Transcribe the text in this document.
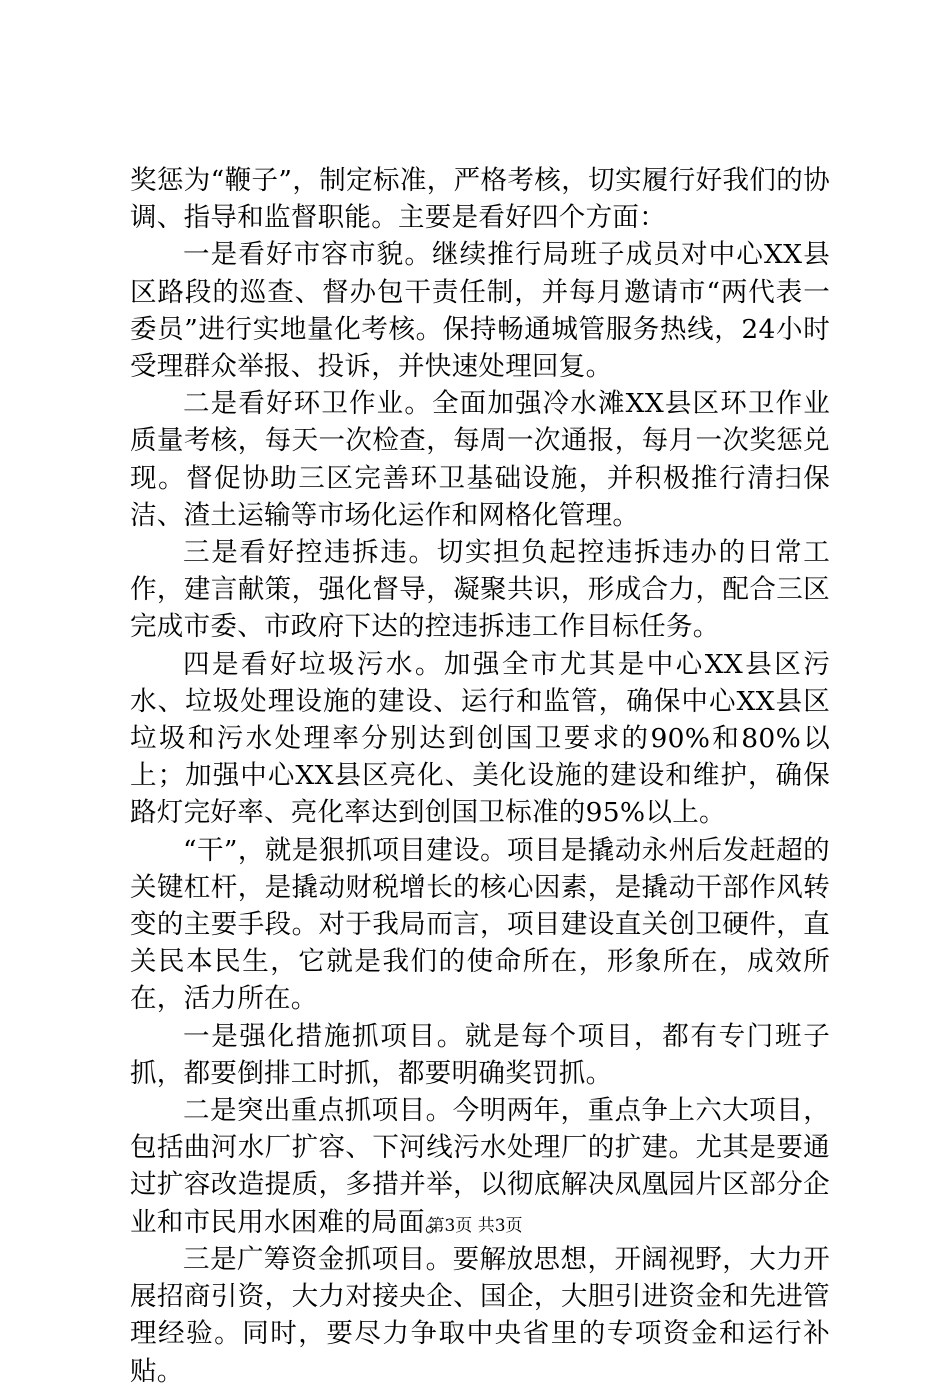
奖惩为“鞭子”，制定标准，严格考核，切实履行好我们的协调、指导和监督职能。主要是看好四个方面：

一是看好市容市貌。继续推行局班子成员对中心XX县区路段的巡查、督办包干责任制，并每月邀请市“两代表一委员”进行实地量化考核。保持畅通城管服务热线，24小时受理群众举报、投诉，并快速处理回复。

二是看好环卫作业。全面加强冷水滩XX县区环卫作业质量考核，每天一次检查，每周一次通报，每月一次奖惩兑现。督促协助三区完善环卫基础设施，并积极推行清扫保洁、渣土运输等市场化运作和网格化管理。

三是看好控违拆违。切实担负起控违拆违办的日常工作，建言献策，强化督导，凝聚共识，形成合力，配合三区完成市委、市政府下达的控违拆违工作目标任务。

四是看好垃圾污水。加强全市尤其是中心XX县区污水、垃圾处理设施的建设、运行和监管，确保中心XX县区垃圾和污水处理率分别达到创国卫要求的90%和80%以上；加强中心XX县区亮化、美化设施的建设和维护，确保路灯完好率、亮化率达到创国卫标准的95%以上。

“干”，就是狠抓项目建设。项目是撬动永州后发赶超的关键杠杆，是撬动财税增长的核心因素，是撬动干部作风转变的主要手段。对于我局而言，项目建设直关创卫硬件，直关民本民生，它就是我们的使命所在，形象所在，成效所在，活力所在。

一是强化措施抓项目。就是每个项目，都有专门班子抓，都要倒排工时抓，都要明确奖罚抓。

二是突出重点抓项目。今明两年，重点争上六大项目，包括曲河水厂扩容、下河线污水处理厂的扩建。尤其是要通过扩容改造提质，多措并举，以彻底解决凤凰园片区部分企业和市民用水困难的局面。

三是广筹资金抓项目。要解放思想，开阔视野，大力开展招商引资，大力对接央企、国企，大胆引进资金和先进管理经验。同时，要尽力争取中央省里的专项资金和运行补贴。

第3页 共3页
